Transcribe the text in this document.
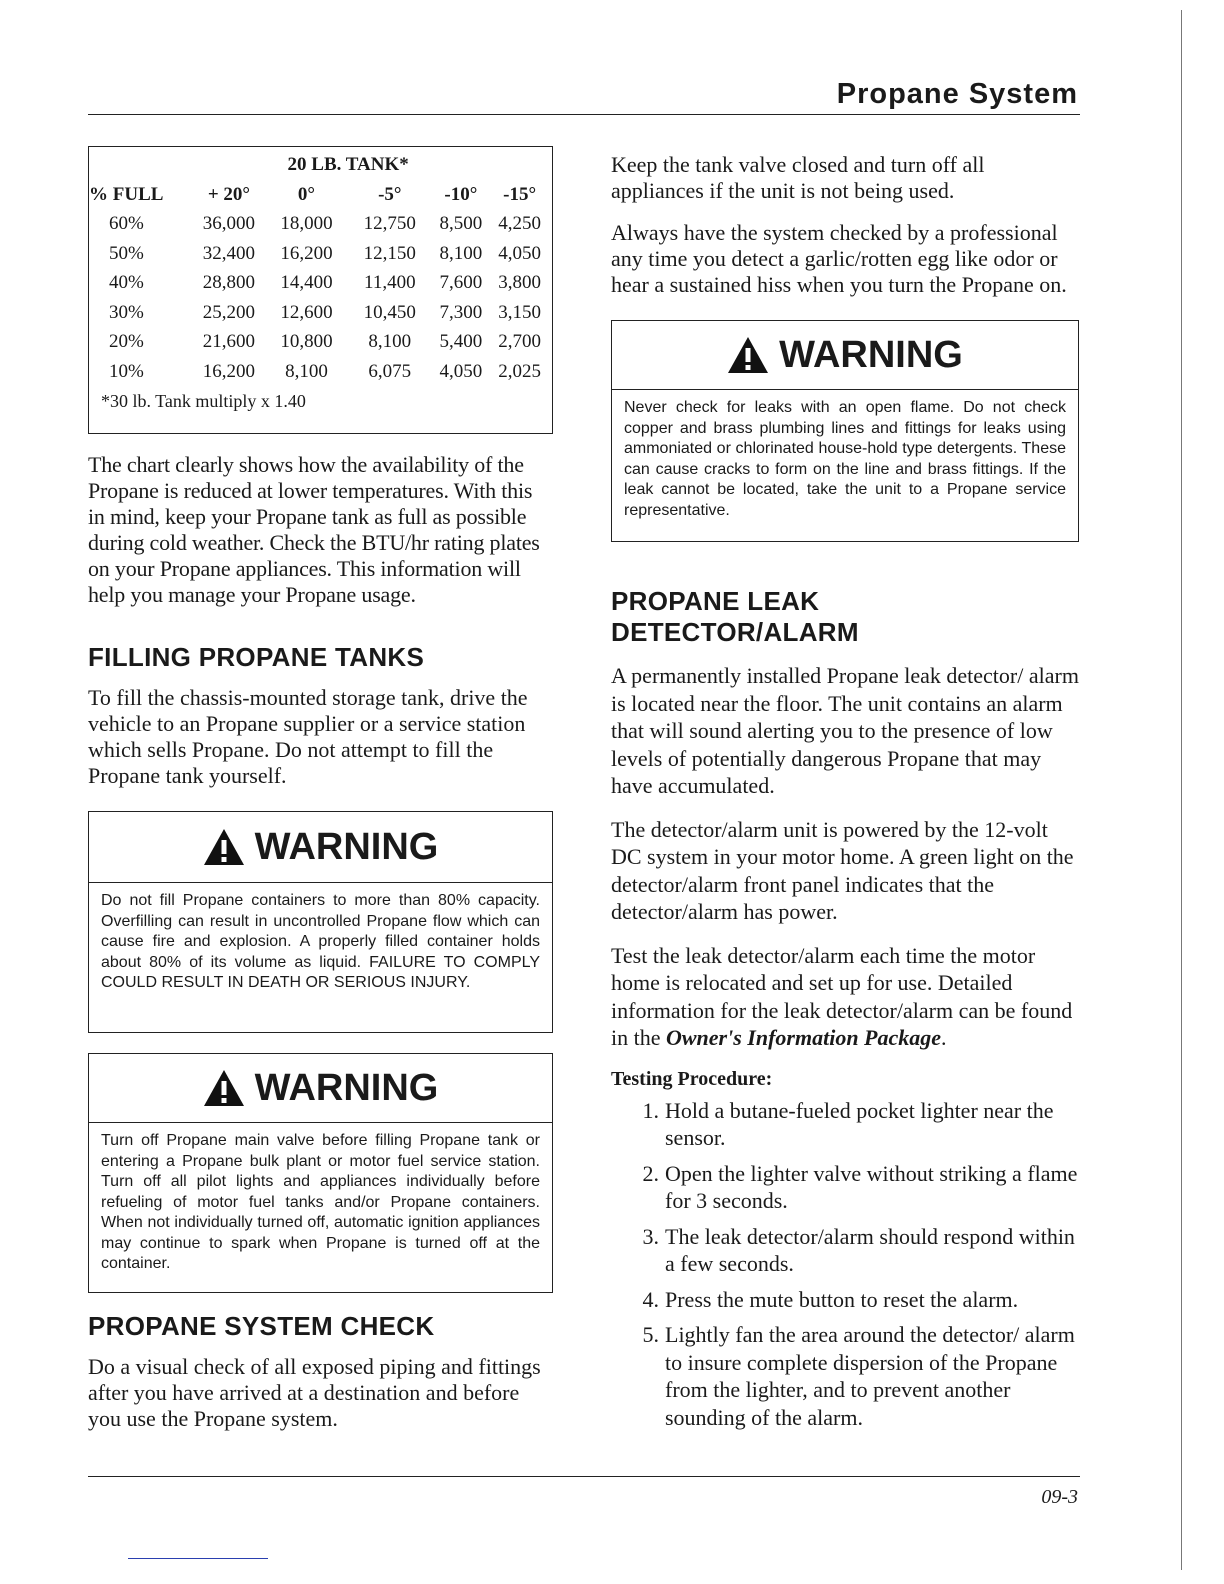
Propane System
		20 LB. TANK*			
% FULL	+ 20°	0°	-5°	-10°	-15°
60%	36,000	18,000	12,750	8,500	4,250
50%	32,400	16,200	12,150	8,100	4,050
40%	28,800	14,400	11,400	7,600	3,800
30%	25,200	12,600	10,450	7,300	3,150
20%	21,600	10,800	8,100	5,400	2,700
10%	16,200	8,100	6,075	4,050	2,025
*30 lb. Tank multiply x 1.40

The chart clearly shows how the availability of the Propane is reduced at lower temperatures. With this in mind, keep your Propane tank as full as possible during cold weather. Check the BTU/hr rating plates on your Propane appliances. This information will help you manage your Propane usage.

FILLING PROPANE TANKS

To fill the chassis-mounted storage tank, drive the vehicle to an Propane supplier or a service station which sells Propane. Do not attempt to fill the Propane tank yourself.

WARNING
Do not fill Propane containers to more than 80% capacity. Overfilling can result in uncontrolled Propane flow which can cause fire and explosion. A properly filled container holds about 80% of its volume as liquid. FAILURE TO COMPLY COULD RESULT IN DEATH OR SERIOUS INJURY.
WARNING
Turn off Propane main valve before filling Propane tank or entering a Propane bulk plant or motor fuel service station. Turn off all pilot lights and appliances individually before refueling of motor fuel tanks and/or Propane containers. When not individually turned off, automatic ignition appliances may continue to spark when Propane is turned off at the container.
PROPANE SYSTEM CHECK

Do a visual check of all exposed piping and fittings after you have arrived at a destination and before you use the Propane system.

Keep the tank valve closed and turn off all appliances if the unit is not being used.

Always have the system checked by a professional any time you detect a garlic/rotten egg like odor or hear a sustained hiss when you turn the Propane on.

WARNING
Never check for leaks with an open flame. Do not check copper and brass plumbing lines and fittings for leaks using ammoniated or chlorinated house-hold type detergents. These can cause cracks to form on the line and brass fittings. If the leak cannot be located, take the unit to a Propane service representative.
PROPANE LEAK
DETECTOR/ALARM

A permanently installed Propane leak detector/ alarm is located near the floor. The unit contains an alarm that will sound alerting you to the presence of low levels of potentially dangerous Propane that may have accumulated.

The detector/alarm unit is powered by the 12-volt DC system in your motor home. A green light on the detector/alarm front panel indicates that the detector/alarm has power.

Test the leak detector/alarm each time the motor home is relocated and set up for use. Detailed information for the leak detector/alarm can be found in the Owner's Information Package.

Testing Procedure:

1. Hold a butane-fueled pocket lighter near the sensor.
2. Open the lighter valve without striking a flame for 3 seconds.
3. The leak detector/alarm should respond within a few seconds.
4. Press the mute button to reset the alarm.
5. Lightly fan the area around the detector/ alarm to insure complete dispersion of the Propane from the lighter, and to prevent another sounding of the alarm.
09-3
